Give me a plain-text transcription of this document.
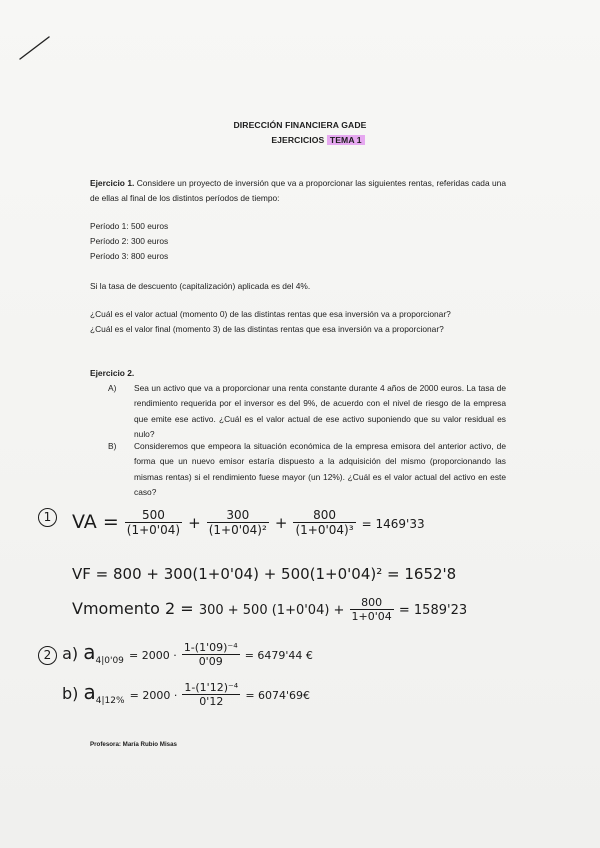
DIRECCIÓN FINANCIERA GADE
EJERCICIOS TEMA 1
Ejercicio 1. Considere un proyecto de inversión que va a proporcionar las siguientes rentas, referidas cada una de ellas al final de los distintos períodos de tiempo:
Período 1: 500 euros
Período 2: 300 euros
Período 3: 800 euros
Si la tasa de descuento (capitalización) aplicada es del 4%.
¿Cuál es el valor actual (momento 0) de las distintas rentas que esa inversión va a proporcionar?
¿Cuál es el valor final (momento 3) de las distintas rentas que esa inversión va a proporcionar?
Ejercicio 2.
A) Sea un activo que va a proporcionar una renta constante durante 4 años de 2000 euros. La tasa de rendimiento requerida por el inversor es del 9%, de acuerdo con el nivel de riesgo de la empresa que emite ese activo. ¿Cuál es el valor actual de ese activo suponiendo que su valor residual es nulo?
B) Consideremos que empeora la situación económica de la empresa emisora del anterior activo, de forma que un nuevo emisor estaría dispuesto a la adquisición del mismo (proporcionando las mismas rentas) si el rendimiento fuese mayor (un 12%). ¿Cuál es el valor actual del activo en este caso?
1 VA = $\frac{500}{(1+0'04)} + \frac{300}{\text{(1+0'04)²}} + \frac{800}{\text{(1+0'04)³}} = 1469'33$
VF = 800 + 300(1+0'04) + 500(1+0'04)² = 1652'8
Vmomento 2 = 300 + 500 $(1+0'04) + \frac{800}{1+0'04} = 1589'23$
2 a) $a_{4|0'09} = 2000 \cdot \frac{\text{1-(1'09)⁻⁴}}{0'09} = 6479'44$ €
b) $a_{4|12\%} = 2000 \cdot \frac{\text{1-(1'12)⁻⁴}}{0'12}$ = 6074'69€
Profesora: María Rubio Misas
